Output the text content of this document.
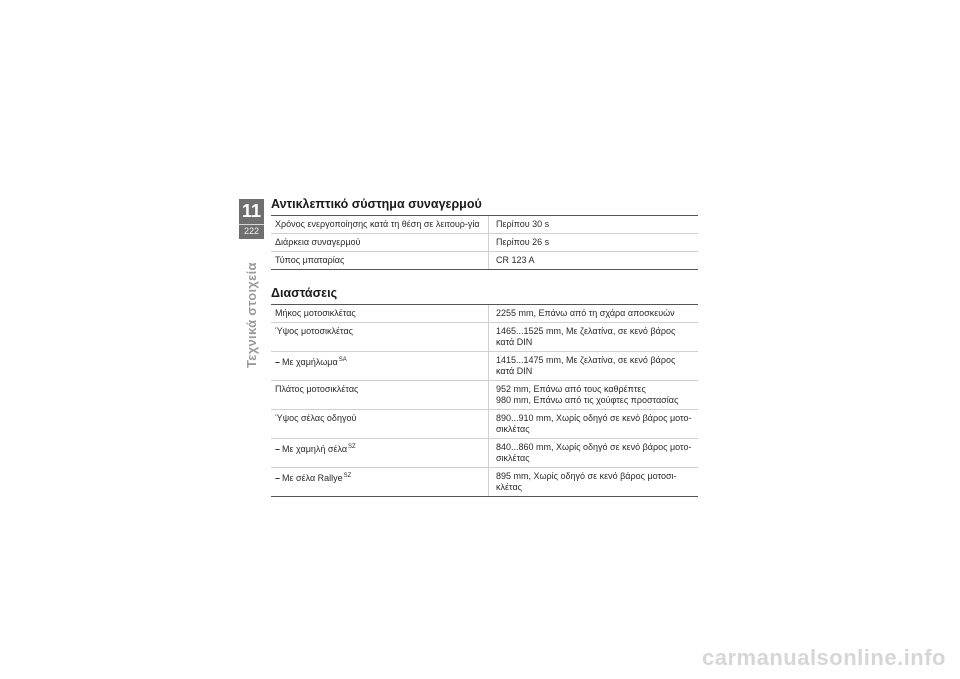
11
222
Τεχνικά στοιχεία
Αντικλεπτικό σύστημα συναγερμού
Χρόνος ενεργοποίησης κατά τη θέση σε λειτουρ-γία	Περίπου 30 s
Διάρκεια συναγερμού	Περίπου 26 s
Τύπος μπαταρίας	CR 123 A
Διαστάσεις
Μήκος μοτοσικλέτας	2255 mm, Επάνω από τη σχάρα αποσκευών
Ύψος μοτοσικλέτας	1465...1525 mm, Με ζελατίνα, σε κενό βάρος
κατά DIN
– Με χαμήλωμα$^{SA}$	1415...1475 mm, Με ζελατίνα, σε κενό βάρος
κατά DIN
Πλάτος μοτοσικλέτας	952 mm, Επάνω από τους καθρέπτες
980 mm, Επάνω από τις χούφτες προστασίας
Ύψος σέλας οδηγού	890...910 mm, Χωρίς οδηγό σε κενό βάρος μοτο-
σικλέτας
– Με χαμηλή σέλα$^{SZ}$	840...860 mm, Χωρίς οδηγό σε κενό βάρος μοτο-
σικλέτας
– Με σέλα Rallye$^{SZ}$	895 mm, Χωρίς οδηγό σε κενό βάρος μοτοσι-
κλέτας
carmanualsonline.info
